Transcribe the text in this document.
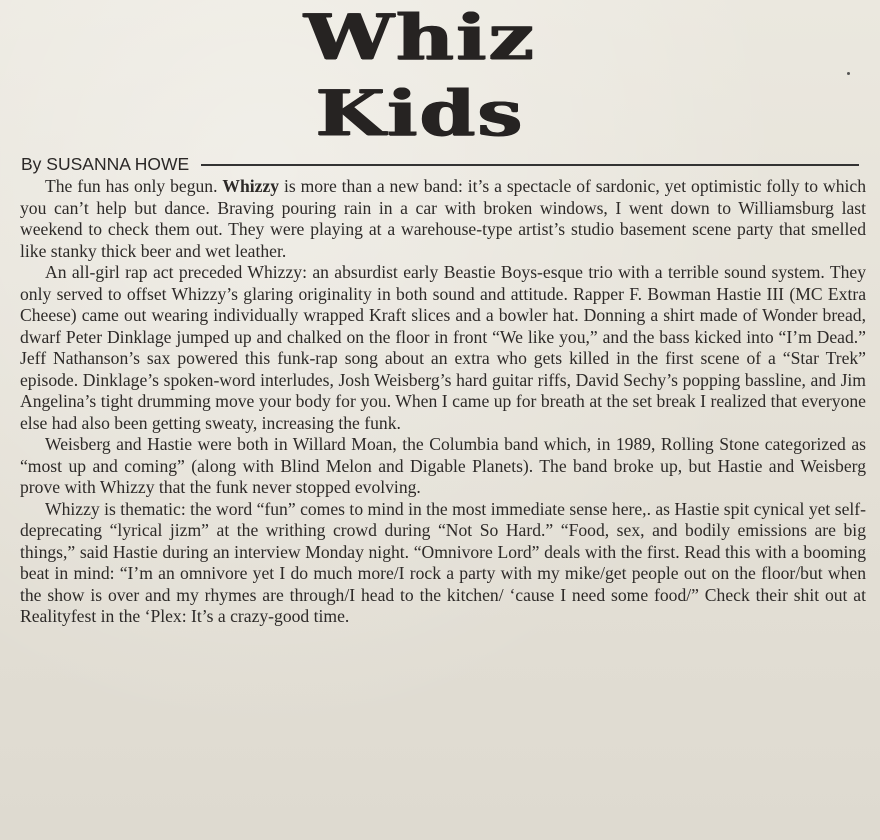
Whiz
Kids
By SUSANNA HOWE

The fun has only begun. Whizzy is more than a new band: it’s a spectacle of sardonic, yet optimistic folly to which you can’t help but dance. Braving pouring rain in a car with broken windows, I went down to Williamsburg last weekend to check them out. They were playing at a warehouse-type artist’s studio basement scene party that smelled like stanky thick beer and wet leather.

An all-girl rap act preceded Whizzy: an absurdist early Beastie Boys-esque trio with a terrible sound system. They only served to offset Whizzy’s glaring originality in both sound and attitude. Rapper F. Bowman Hastie III (MC Extra Cheese) came out wearing individually wrapped Kraft slices and a bowler hat. Donning a shirt made of Wonder bread, dwarf Peter Dinklage jumped up and chalked on the floor in front “We like you,” and the bass kicked into “I’m Dead.” Jeff Nathanson’s sax powered this funk-rap song about an extra who gets killed in the first scene of a “Star Trek” episode. Dinklage’s spoken-word interludes, Josh Weisberg’s hard guitar riffs, David Sechy’s popping bassline, and Jim Angelina’s tight drumming move your body for you. When I came up for breath at the set break I realized that everyone else had also been getting sweaty, increasing the funk.

Weisberg and Hastie were both in Willard Moan, the Columbia band which, in 1989, Rolling Stone categorized as “most up and coming” (along with Blind Melon and Digable Planets). The band broke up, but Hastie and Weisberg prove with Whizzy that the funk never stopped evolving.

Whizzy is thematic: the word “fun” comes to mind in the most immediate sense here,. as Hastie spit cynical yet self-deprecating “lyrical jizm” at the writhing crowd during “Not So Hard.” “Food, sex, and bodily emissions are big things,” said Hastie during an interview Monday night. “Omnivore Lord” deals with the first. Read this with a booming beat in mind: “I’m an omnivore yet I do much more/I rock a party with my mike/get people out on the floor/but when the show is over and my rhymes are through/I head to the kitchen/ ‘cause I need some food/” Check their shit out at Realityfest in the ‘Plex: It’s a crazy-good time.
